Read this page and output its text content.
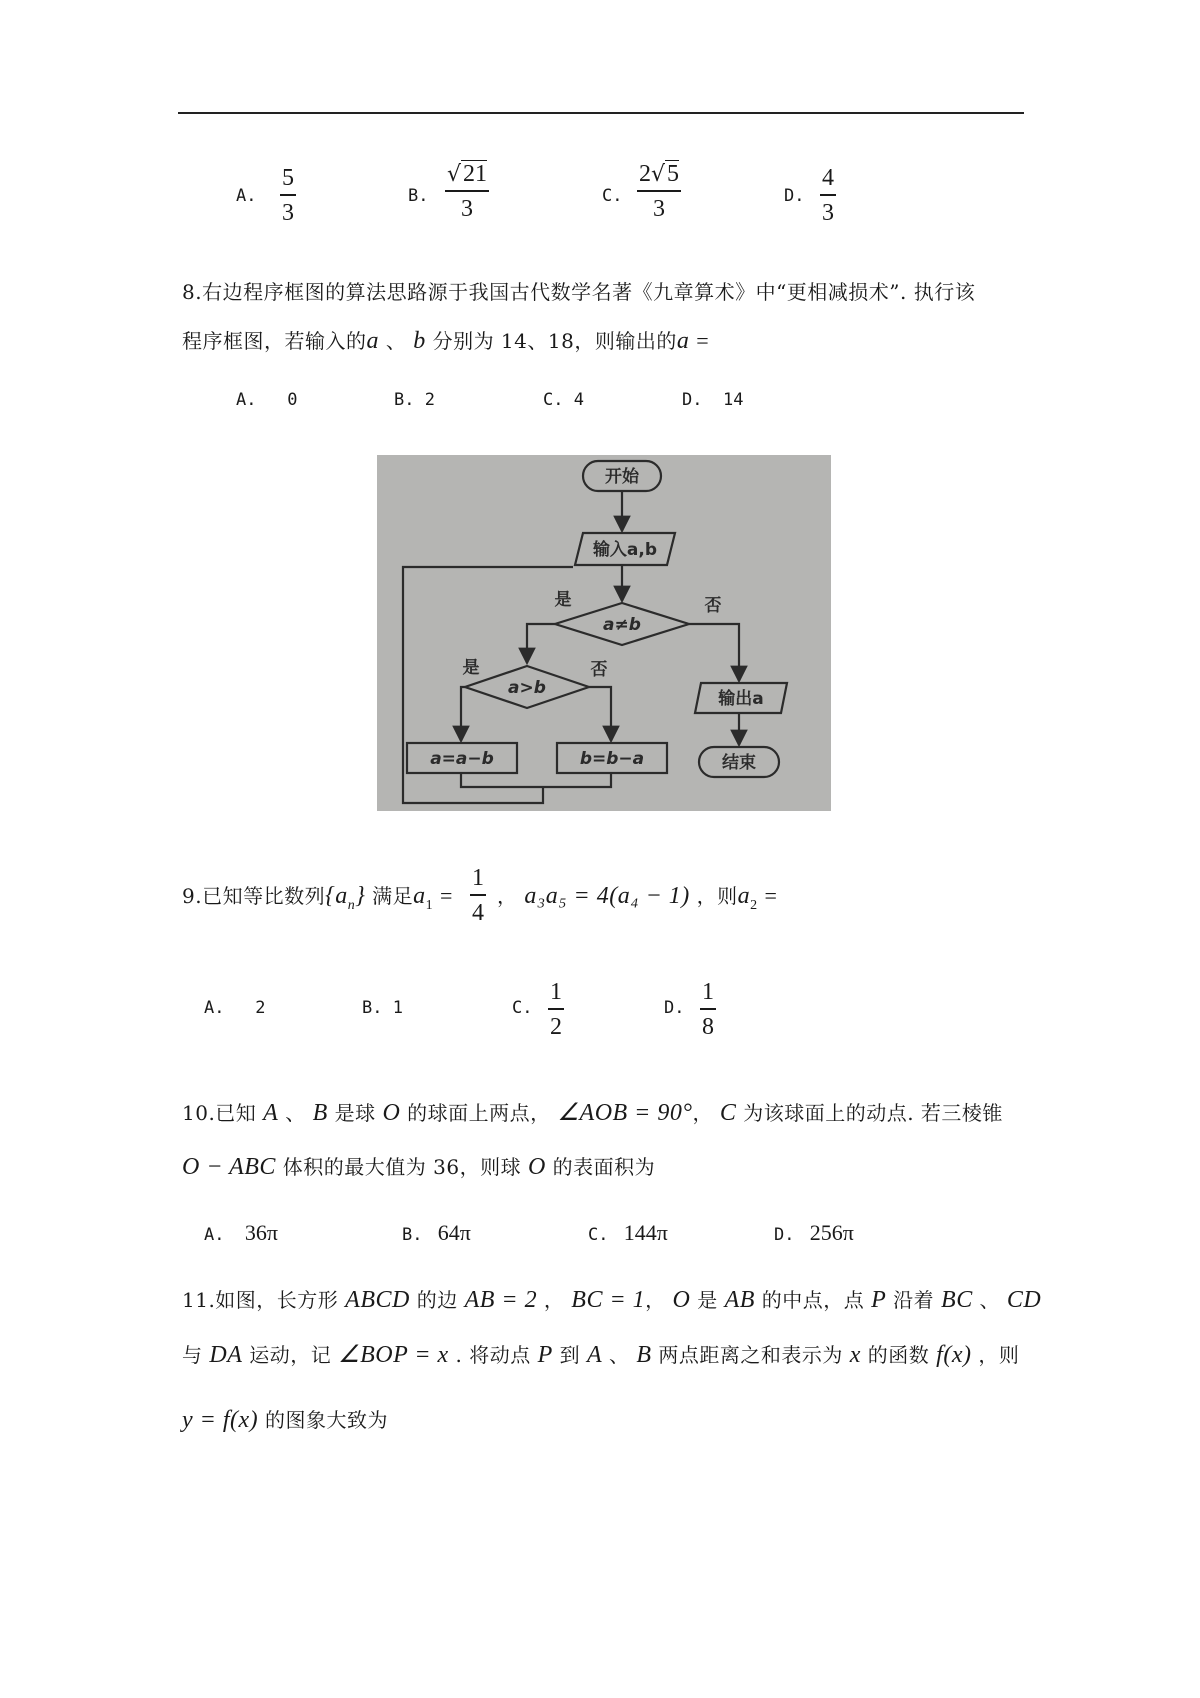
A.
5
3
B.
√21
3	C.
2√5
3	D.
4
3
8.右边程序框图的算法思路源于我国古代数学名著《九章算术》中“更相减损术”. 执行该
程序框图，若输入的a 、 b 分别为 14、18，则输出的a =
A. 0	B. 2	C. 4	D. 14
开始
输入a,b
a≠b
是	否
a>b
是	否
a=a−b	b=b−a
输出a
结束
9.已知等比数列$\{a_n\}$ 满足$a_1$ =
1
4
， a₃a₅ = 4(a₄ − 1) ，则$a_2$ =
A. 2	B. 1	C.
1
2
D.
1
8
10.已知 A 、 B 是球 O 的球面上两点， ∠AOB = 90°， C 为该球面上的动点. 若三棱锥
O − ABC 体积的最大值为 36，则球 O 的表面积为
A. 36π	B. 64π	C. 144π	D. 256π
11.如图，长方形 ABCD 的边 AB = 2 ， BC = 1， O 是 AB 的中点，点 P 沿着 BC 、 CD
与 DA 运动，记 ∠BOP = x . 将动点 P 到 A 、 B 两点距离之和表示为 x 的函数 f(x) ，则
y = f(x) 的图象大致为
